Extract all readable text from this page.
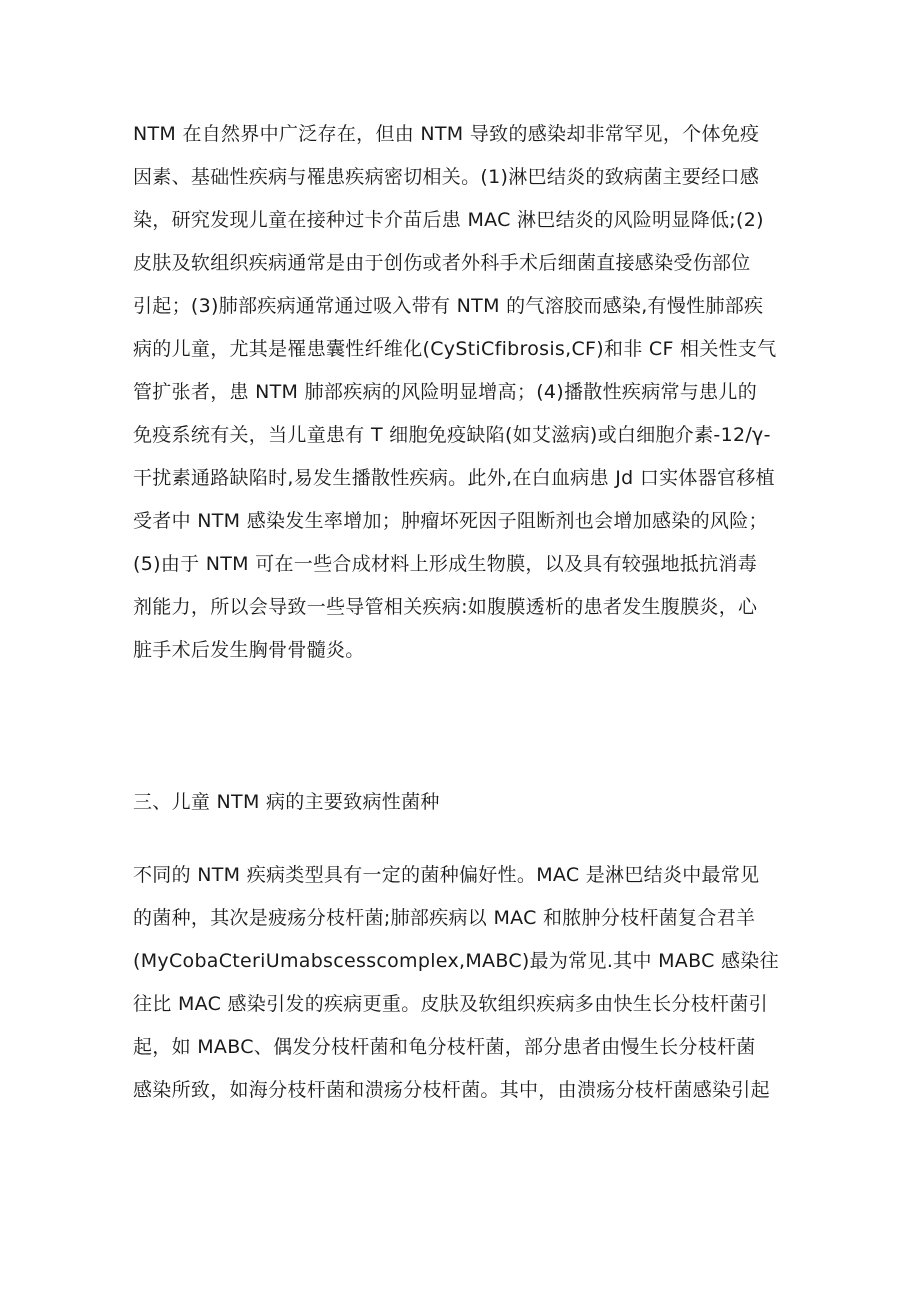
NTM 在自然界中广泛存在，但由 NTM 导致的感染却非常罕见，个体免疫
因素、基础性疾病与罹患疾病密切相关。(1)淋巴结炎的致病菌主要经口感
染，研究发现儿童在接种过卡介苗后患 MAC 淋巴结炎的风险明显降低;(2)
皮肤及软组织疾病通常是由于创伤或者外科手术后细菌直接感染受伤部位
引起；(3)肺部疾病通常通过吸入带有 NTM 的气溶胶而感染,有慢性肺部疾
病的儿童，尤其是罹患囊性纤维化(CyStiCfibrosis,CF)和非 CF 相关性支气
管扩张者，患 NTM 肺部疾病的风险明显增高；(4)播散性疾病常与患儿的
免疫系统有关，当儿童患有 T 细胞免疫缺陷(如艾滋病)或白细胞介素-12∕γ-
干扰素通路缺陷时,易发生播散性疾病。此外,在白血病患 Jd 口实体器官移植
受者中 NTM 感染发生率增加；肿瘤坏死因子阻断剂也会增加感染的风险；
(5)由于 NTM 可在一些合成材料上形成生物膜，以及具有较强地抵抗消毒
剂能力，所以会导致一些导管相关疾病:如腹膜透析的患者发生腹膜炎，心
脏手术后发生胸骨骨髓炎。
三、儿童 NTM 病的主要致病性菌种
不同的 NTM 疾病类型具有一定的菌种偏好性。MAC 是淋巴结炎中最常见
的菌种，其次是疲疡分枝杆菌;肺部疾病以 MAC 和脓肿分枝杆菌复合君羊
(MyCobaCteriUmabscesscomplex,MABC)最为常见.其中 MABC 感染往
往比 MAC 感染引发的疾病更重。皮肤及软组织疾病多由快生长分枝杆菌引
起，如 MABC、偶发分枝杆菌和龟分枝杆菌，部分患者由慢生长分枝杆菌
感染所致，如海分枝杆菌和溃疡分枝杆菌。其中，由溃疡分枝杆菌感染引起
